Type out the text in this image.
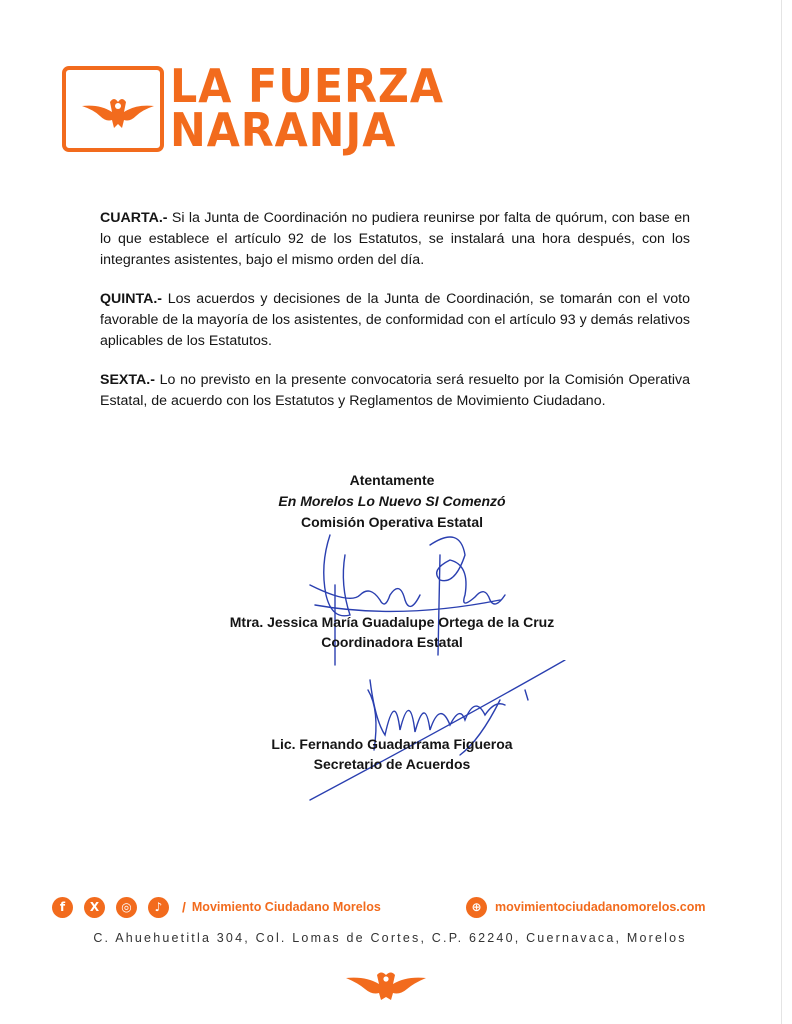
LA FUERZA
NARANJA
CUARTA.- Si la Junta de Coordinación no pudiera reunirse por falta de quórum, con base en lo que establece el artículo 92 de los Estatutos, se instalará una hora después, con los integrantes asistentes, bajo el mismo orden del día.
QUINTA.- Los acuerdos y decisiones de la Junta de Coordinación, se tomarán con el voto favorable de la mayoría de los asistentes, de conformidad con el artículo 93 y demás relativos aplicables de los Estatutos.
SEXTA.- Lo no previsto en la presente convocatoria será resuelto por la Comisión Operativa Estatal, de acuerdo con los Estatutos y Reglamentos de Movimiento Ciudadano.
Atentamente
En Morelos Lo Nuevo SI Comenzó
Comisión Operativa Estatal
Mtra. Jessica María Guadalupe Ortega de la Cruz
Coordinadora Estatal
Lic. Fernando Guadarrama Figueroa
Secretario de Acuerdos
f	X	◎	♪	/ Movimiento Ciudadano Morelos	⊕	movimientociudadanomorelos.com
C. Ahuehuetitla 304, Col. Lomas de Cortes, C.P. 62240, Cuernavaca, Morelos
